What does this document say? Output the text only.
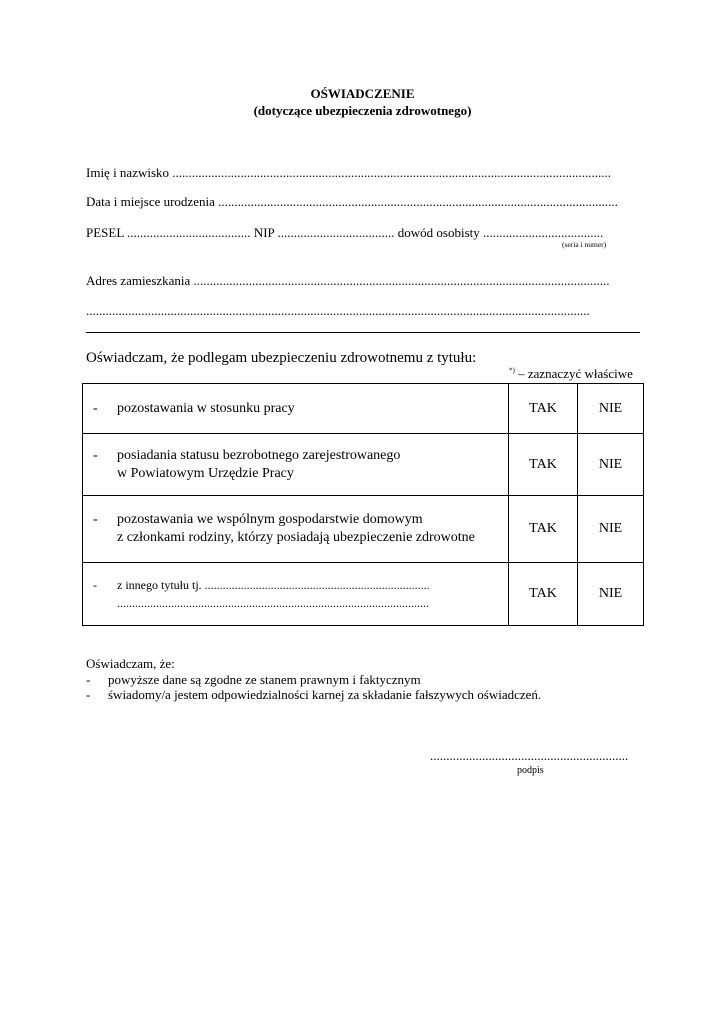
OŚWIADCZENIE
(dotyczące ubezpieczenia zdrowotnego)
Imię i nazwisko .......................................................................................................................................
Data i miejsce urodzenia ...........................................................................................................................
PESEL ...................................... NIP .................................... dowód osobisty .....................................
(seria i numer)
Adres zamieszkania ................................................................................................................................
...........................................................................................................................................................
Oświadczam, że podlegam ubezpieczeniu zdrowotnemu z tytułu:
*) – zaznaczyć właściwe
- pozostawania w stosunku pracy	TAK	NIE

- posiadania statusu bezrobotnego zarejestrowanego
w Powiatowym Urzędzie Pracy	TAK	NIE

- pozostawania we wspólnym gospodarstwie domowym
z członkami rodziny, którzy posiadają ubezpieczenie zdrowotne	TAK	NIE

- z innego tytułu tj. ...........................................................................
........................................................................................................	TAK	NIE
Oświadczam, że:
-	powyższe dane są zgodne ze stanem prawnym i faktycznym
-	świadomy/a jestem odpowiedzialności karnej za składanie fałszywych oświadczeń.
.............................................................
podpis
